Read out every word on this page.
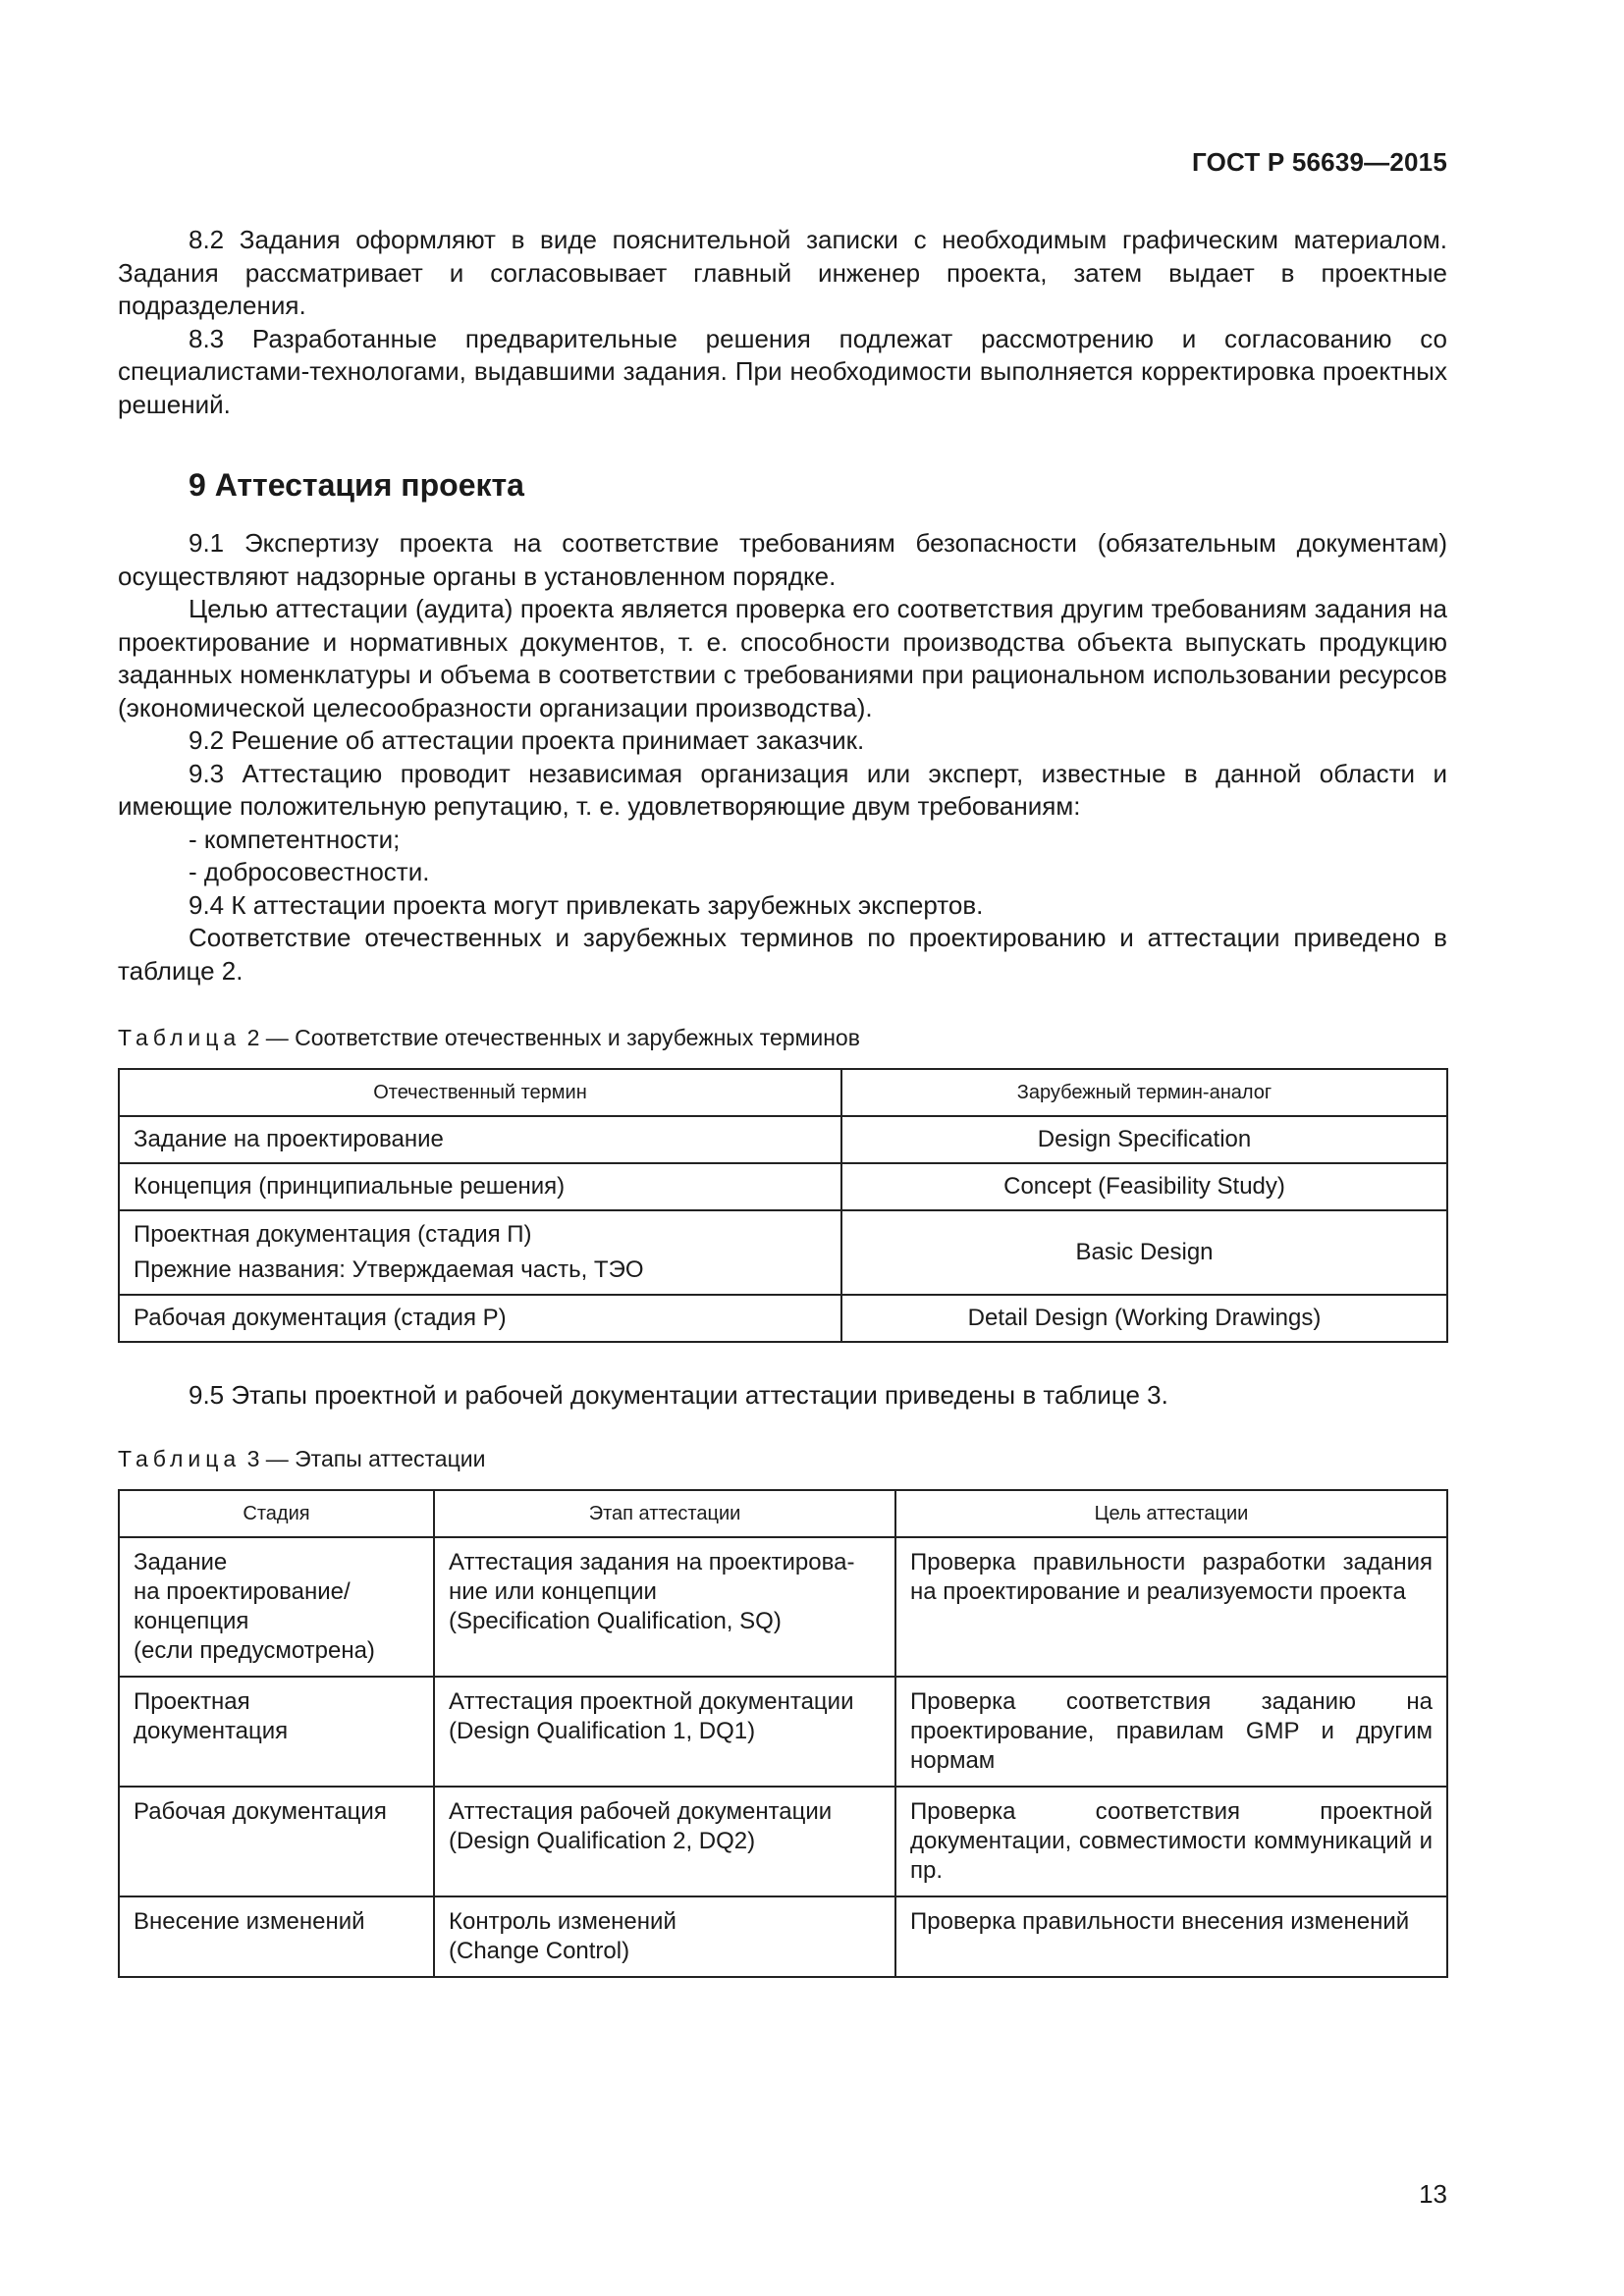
ГОСТ Р 56639—2015

8.2 Задания оформляют в виде пояснительной записки с необходимым графическим материалом. Задания рассматривает и согласовывает главный инженер проекта, затем выдает в проектные подразделения.

8.3 Разработанные предварительные решения подлежат рассмотрению и согласованию со специалистами-технологами, выдавшими задания. При необходимости выполняется корректировка проектных решений.

9 Аттестация проекта

9.1 Экспертизу проекта на соответствие требованиям безопасности (обязательным документам) осуществляют надзорные органы в установленном порядке.

Целью аттестации (аудита) проекта является проверка его соответствия другим требованиям задания на проектирование и нормативных документов, т. е. способности производства объекта выпускать продукцию заданных номенклатуры и объема в соответствии с требованиями при рациональном использовании ресурсов (экономической целесообразности организации производства).

9.2 Решение об аттестации проекта принимает заказчик.

9.3 Аттестацию проводит независимая организация или эксперт, известные в данной области и имеющие положительную репутацию, т. е. удовлетворяющие двум требованиям:

- компетентности;

- добросовестности.

9.4 К аттестации проекта могут привлекать зарубежных экспертов.

Соответствие отечественных и зарубежных терминов по проектированию и аттестации приведено в таблице 2.

Таблица 2 — Соответствие отечественных и зарубежных терминов
Отечественный термин	Зарубежный термин-аналог
Задание на проектирование	Design Specification
Концепция (принципиальные решения)	Concept (Feasibility Study)

Проектная документация (стадия П)
Прежние названия: Утверждаемая часть, ТЭО	Basic Design
Рабочая документация (стадия Р)	Detail Design (Working Drawings)
9.5 Этапы проектной и рабочей документации аттестации приведены в таблице 3.
Таблица 3 — Этапы аттестации
Стадия	Этап аттестации	Цель аттестации
Задание
на проектирование/
концепция
(если предусмотрена)	Аттестация задания на проектирова-
ние или концепции
(Specification Qualification, SQ)	Проверка правильности разработки задания на проектирование и реализуемости проекта
Проектная
документация	Аттестация проектной документации
(Design Qualification 1, DQ1)	Проверка соответствия заданию на проектирование, правилам GMP и другим нормам
Рабочая документация	Аттестация рабочей документации
(Design Qualification 2, DQ2)	Проверка соответствия проектной документации, совместимости коммуникаций и пр.
Внесение изменений	Контроль изменений
(Change Control)	Проверка правильности внесения изменений
13
